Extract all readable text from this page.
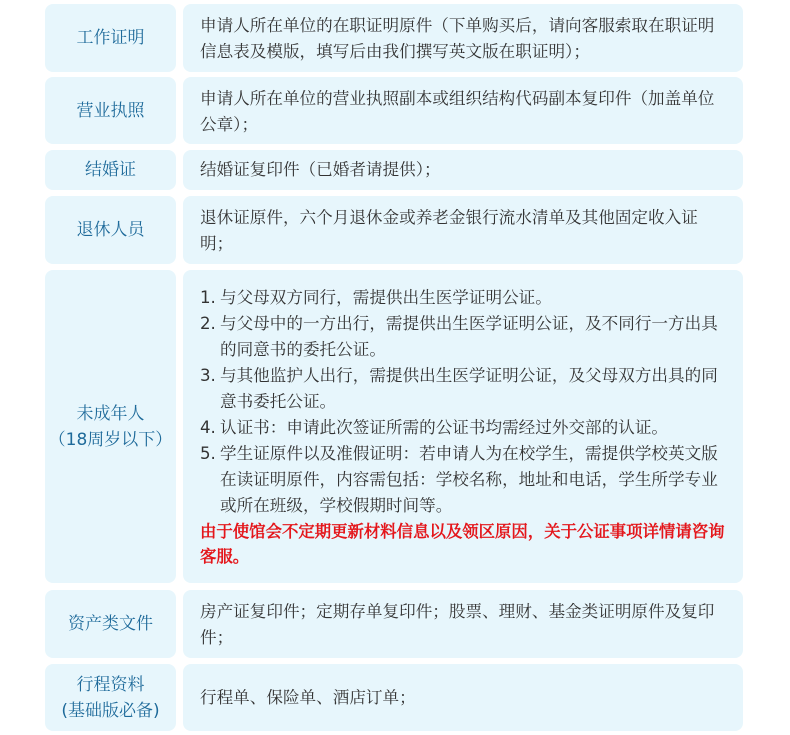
工作证明

申请人所在单位的在职证明原件（下单购买后，请向客服索取在职证明信息表及模版，填写后由我们撰写英文版在职证明）；

营业执照

申请人所在单位的营业执照副本或组织结构代码副本复印件（加盖单位公章）；

结婚证	结婚证复印件（已婚者请提供）；

退休人员

退休证原件，六个月退休金或养老金银行流水清单及其他固定收入证明；

未成年人
（18周岁以下）
1. 与父母双方同行，需提供出生医学证明公证。
2. 与父母中的一方出行，需提供出生医学证明公证，及不同行一方出具的同意书的委托公证。
3. 与其他监护人出行，需提供出生医学证明公证，及父母双方出具的同意书委托公证。
4. 认证书：申请此次签证所需的公证书均需经过外交部的认证。
5. 学生证原件以及准假证明：若申请人为在校学生，需提供学校英文版在读证明原件，内容需包括：学校名称，地址和电话，学生所学专业或所在班级，学校假期时间等。

由于使馆会不定期更新材料信息以及领区原因，关于公证事项详情请咨询客服。

资产类文件

房产证复印件；定期存单复印件；股票、理财、基金类证明原件及复印件；

行程资料
(基础版必备)

行程单、保险单、酒店订单；
